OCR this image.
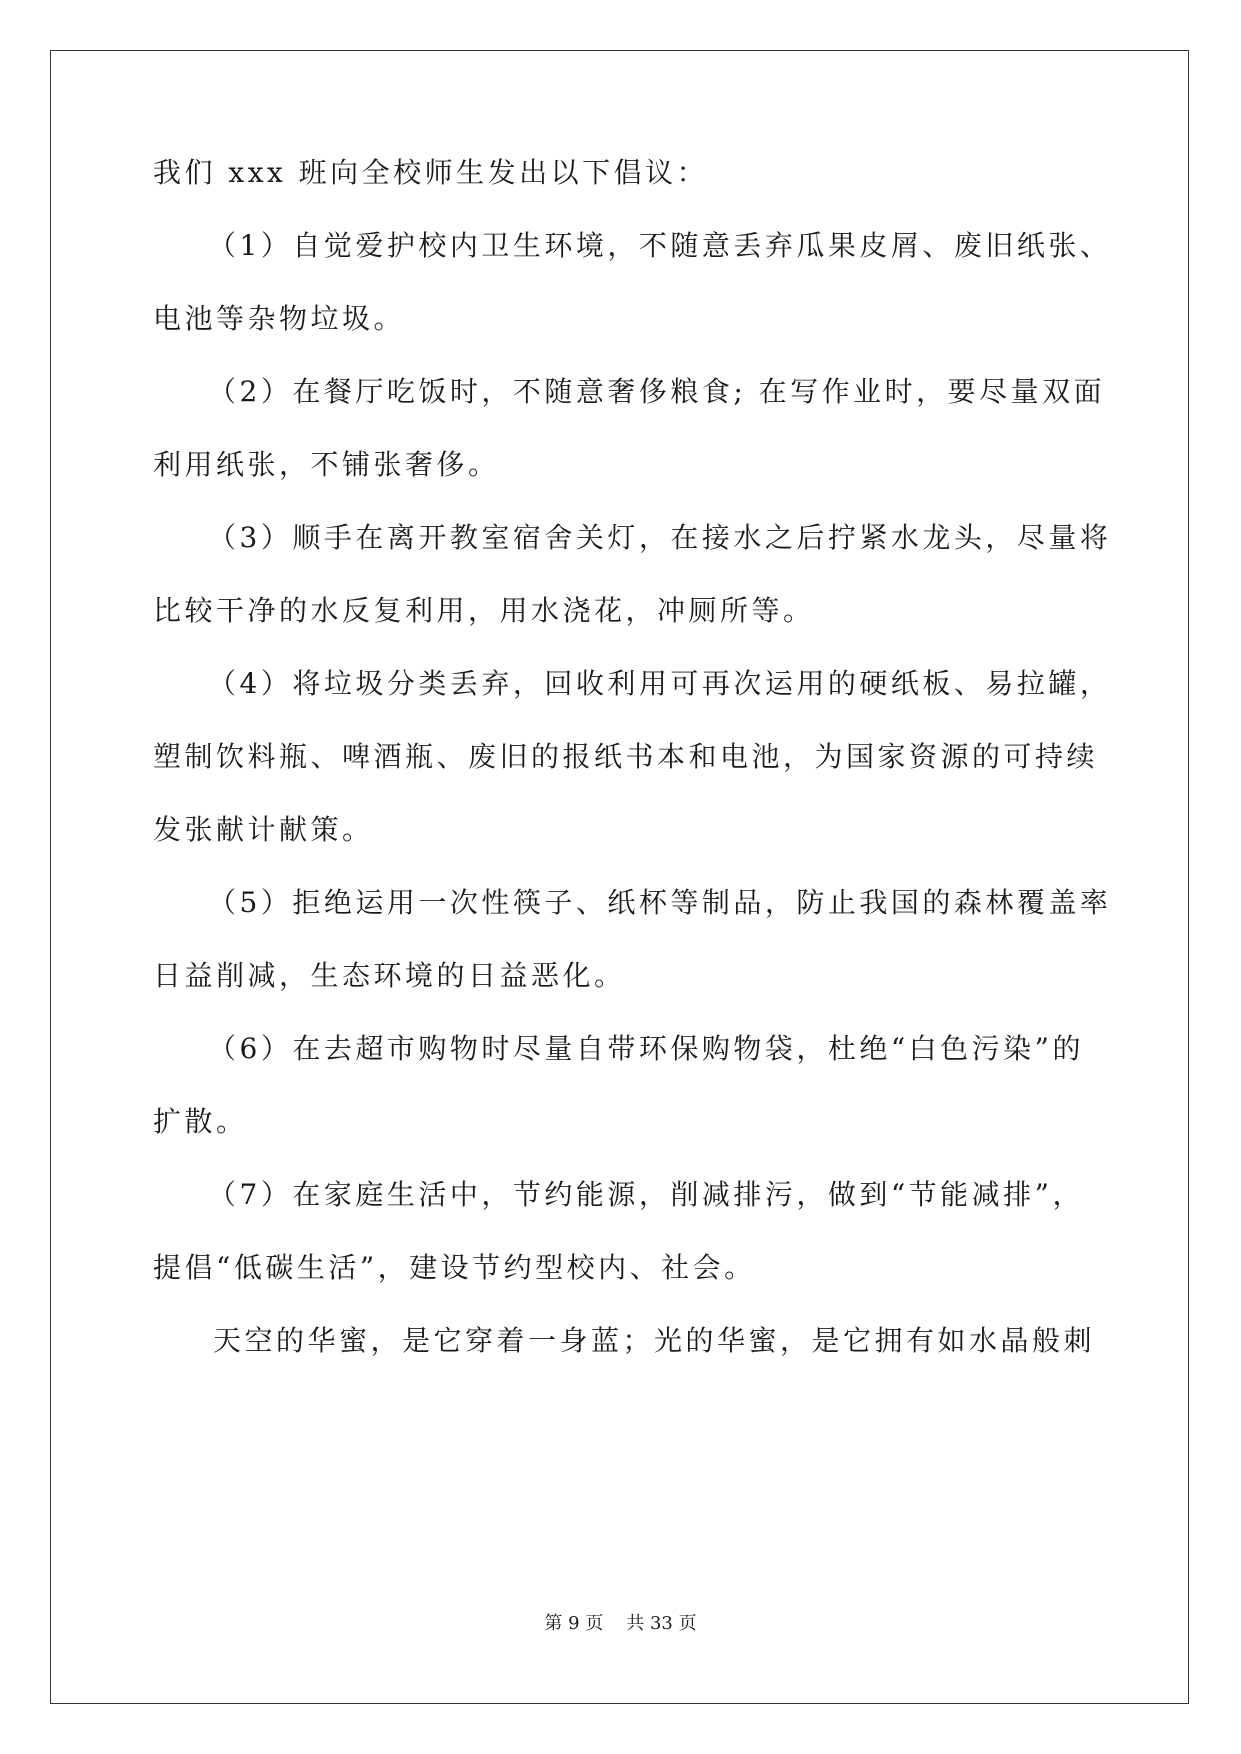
我们 xxx 班向全校师生发出以下倡议：
（1）自觉爱护校内卫生环境，不随意丢弃瓜果皮屑、废旧纸张、
电池等杂物垃圾。
（2）在餐厅吃饭时，不随意奢侈粮食; 在写作业时，要尽量双面
利用纸张，不铺张奢侈。
（3）顺手在离开教室宿舍关灯，在接水之后拧紧水龙头，尽量将
比较干净的水反复利用，用水浇花，冲厕所等。
（4）将垃圾分类丢弃，回收利用可再次运用的硬纸板、易拉罐，
塑制饮料瓶、啤酒瓶、废旧的报纸书本和电池，为国家资源的可持续
发张献计献策。
（5）拒绝运用一次性筷子、纸杯等制品，防止我国的森林覆盖率
日益削减，生态环境的日益恶化。
（6）在去超市购物时尽量自带环保购物袋，杜绝“白色污染”的
扩散。
（7）在家庭生活中，节约能源，削减排污，做到“节能减排”，
提倡“低碳生活”，建设节约型校内、社会。
天空的华蜜，是它穿着一身蓝；光的华蜜，是它拥有如水晶般刺
第 9 页 共 33 页
